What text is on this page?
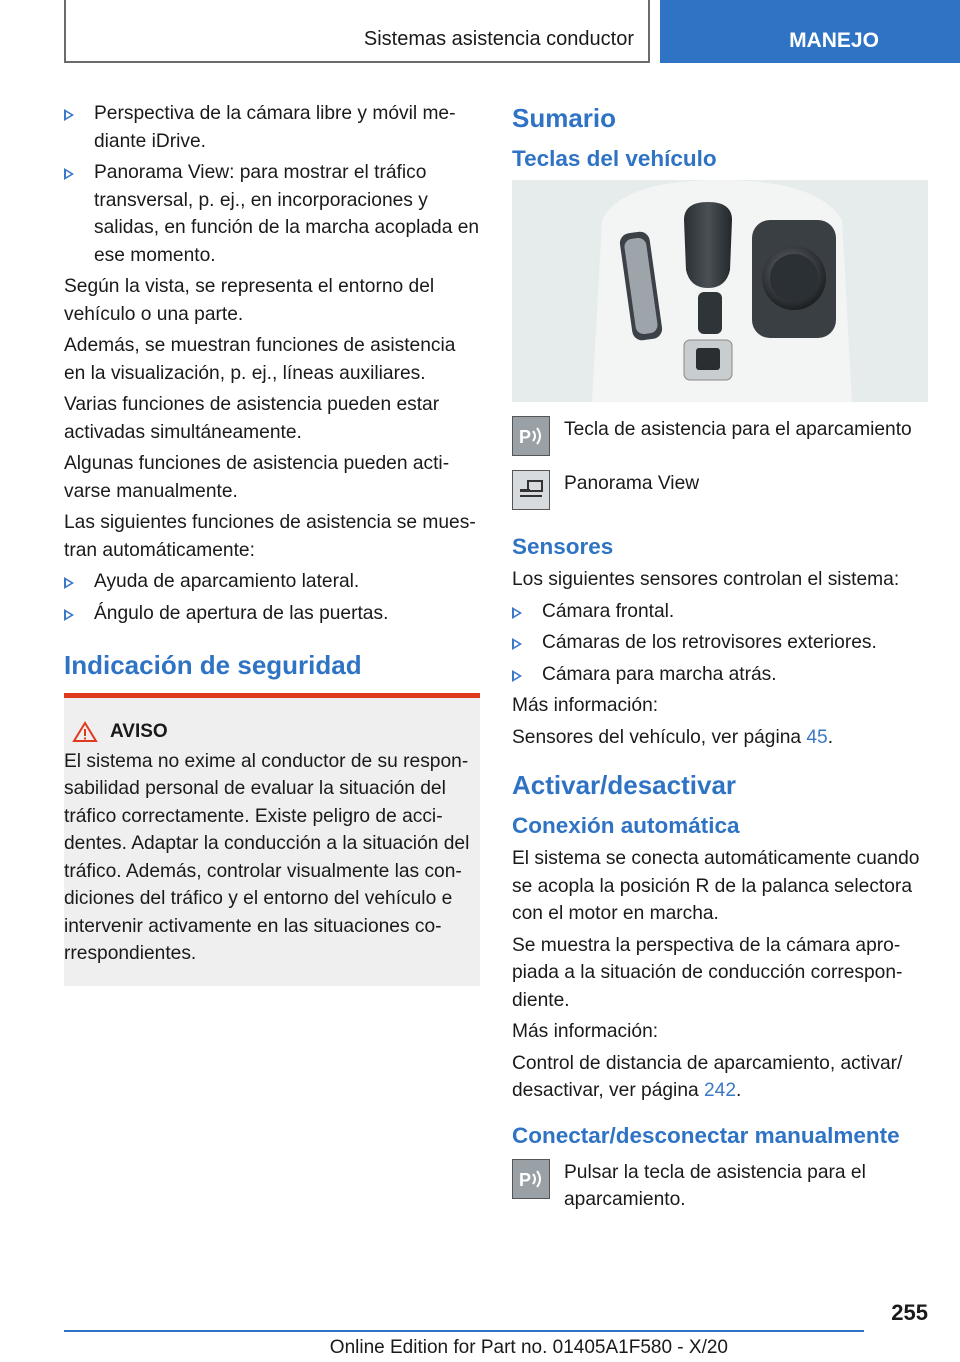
Sistemas asistencia conductor	MANEJO
Perspectiva de la cámara libre y móvil mediante iDrive.
Panorama View: para mostrar el tráfico transversal, p. ej., en incorporaciones y salidas, en función de la marcha acoplada en ese momento.

Según la vista, se representa el entorno del vehículo o una parte.

Además, se muestran funciones de asistencia en la visualización, p. ej., líneas auxiliares.

Varias funciones de asistencia pueden estar activadas simultáneamente.

Algunas funciones de asistencia pueden activarse manualmente.

Las siguientes funciones de asistencia se muestran automáticamente:

Ayuda de aparcamiento lateral.
Ángulo de apertura de las puertas.
Indicación de seguridad
AVISO

El sistema no exime al conductor de su responsabilidad personal de evaluar la situación del tráfico correctamente. Existe peligro de accidentes. Adaptar la conducción a la situación del tráfico. Además, controlar visualmente las condiciones del tráfico y el entorno del vehículo e intervenir activamente en las situaciones correspondientes.

Sumario
Teclas del vehículo
P Tecla de asistencia para el aparcamiento
Panorama View
Sensores

Los siguientes sensores controlan el sistema:

Cámara frontal.
Cámaras de los retrovisores exteriores.
Cámara para marcha atrás.

Más información:

Sensores del vehículo, ver página 45.

Activar/desactivar
Conexión automática

El sistema se conecta automáticamente cuando se acopla la posición R de la palanca selectora con el motor en marcha.

Se muestra la perspectiva de la cámara apropiada a la situación de conducción correspondiente.

Más información:

Control de distancia de aparcamiento, activar/ desactivar, ver página 242.

Conectar/desconectar manualmente
P Pulsar la tecla de asistencia para el aparcamiento.
255
Online Edition for Part no. 01405A1F580 - X/20
